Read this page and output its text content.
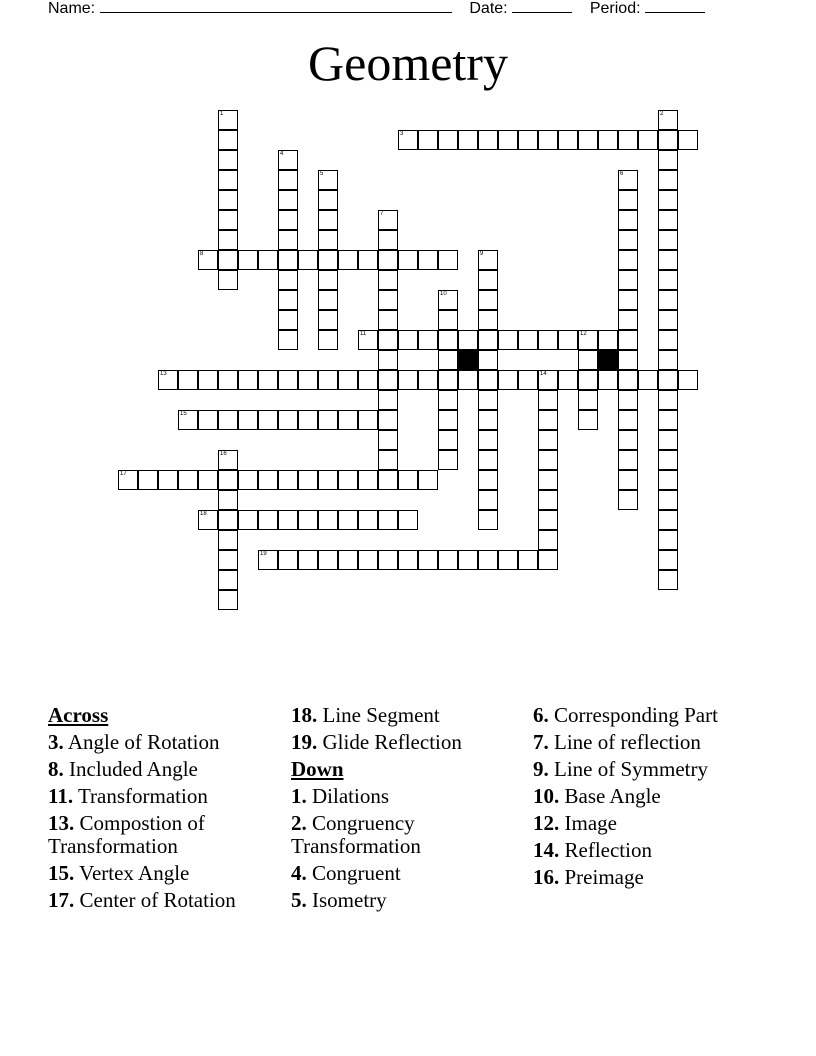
Name:	Date:	Period:
Geometry
3
8
11	12
13	14
15
17
18
19
1	2
4
5	6
7
9
10
16
Across
3. Angle of Rotation
8. Included Angle
11. Transformation
13. Compostion of Transformation
15. Vertex Angle
17. Center of Rotation
18. Line Segment
19. Glide Reflection
Down
1. Dilations
2. Congruency Transformation
4. Congruent
5. Isometry
6. Corresponding Part
7. Line of reflection
9. Line of Symmetry
10. Base Angle
12. Image
14. Reflection
16. Preimage
